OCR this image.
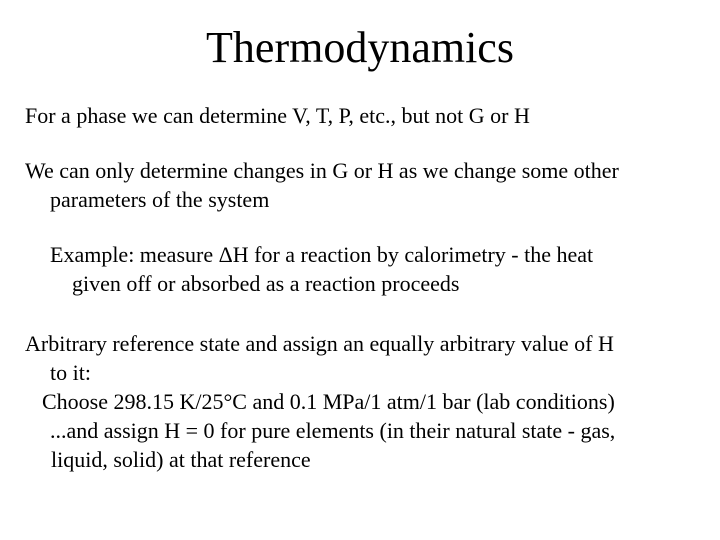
Thermodynamics

For a phase we can determine V, T, P, etc., but not G or H

We can only determine changes in G or H as we change some other
parameters of the system

Example: measure ΔH for a reaction by calorimetry - the heat
given off or absorbed as a reaction proceeds

Arbitrary reference state and assign an equally arbitrary value of H
to it:
Choose 298.15 K/25°C and 0.1 MPa/1 atm/1 bar (lab conditions)
...and assign H = 0 for pure elements (in their natural state - gas,
liquid, solid) at that reference
